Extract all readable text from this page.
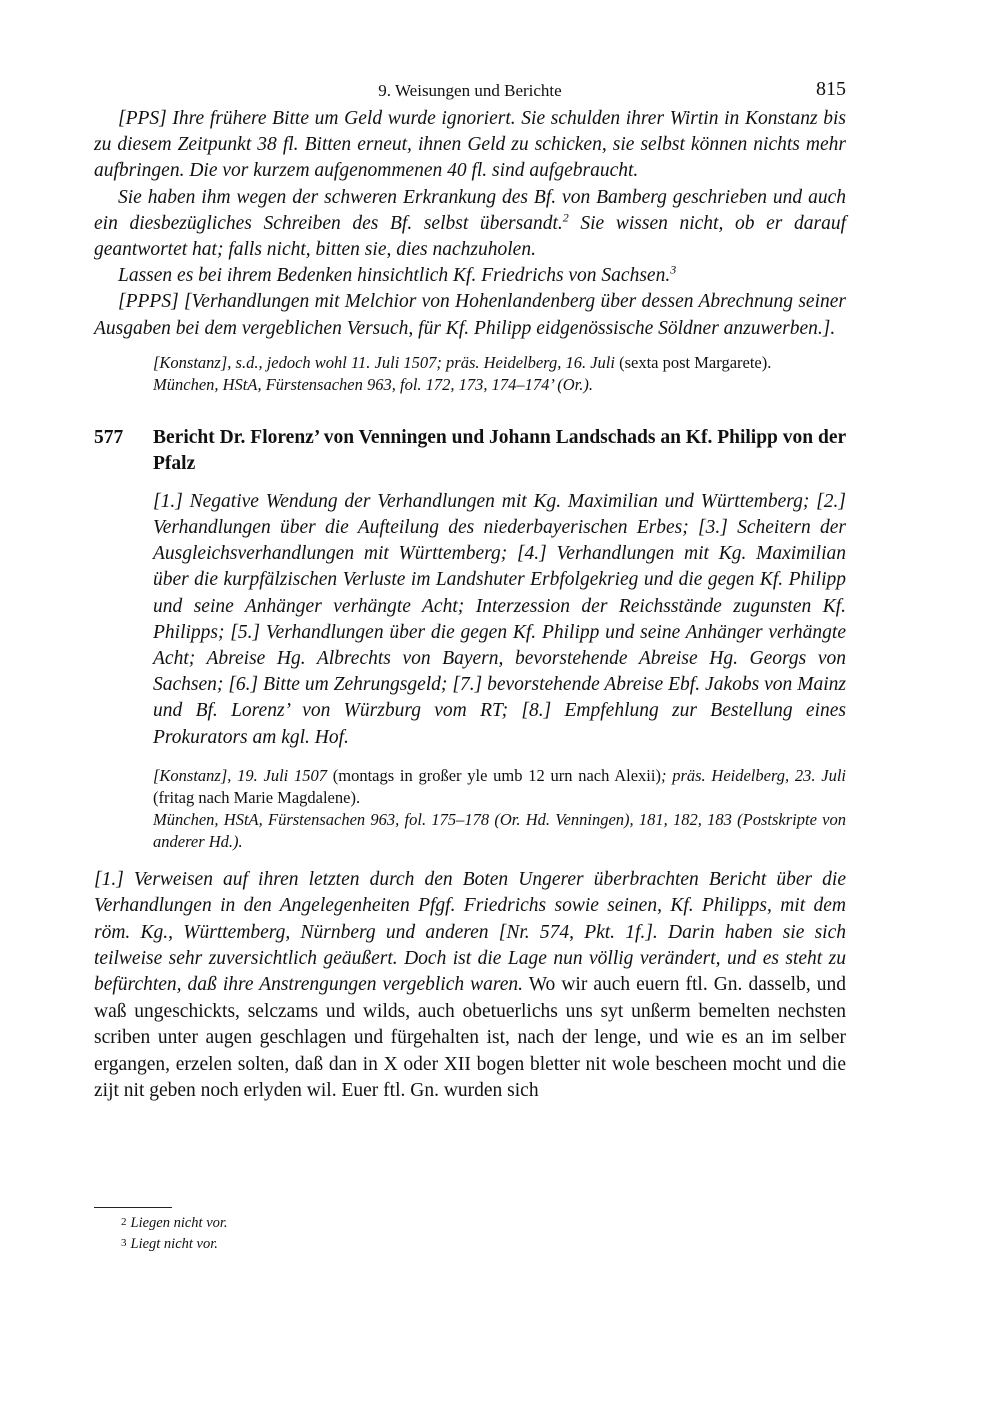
9. Weisungen und Berichte	815

[PPS] Ihre frühere Bitte um Geld wurde ignoriert. Sie schulden ihrer Wirtin in Konstanz bis zu diesem Zeitpunkt 38 fl. Bitten erneut, ihnen Geld zu schicken, sie selbst können nichts mehr aufbringen. Die vor kurzem aufgenommenen 40 fl. sind aufgebraucht.

Sie haben ihm wegen der schweren Erkrankung des Bf. von Bamberg geschrieben und auch ein diesbezügliches Schreiben des Bf. selbst übersandt.$^2$ Sie wissen nicht, ob er darauf geantwortet hat; falls nicht, bitten sie, dies nachzuholen.

Lassen es bei ihrem Bedenken hinsichtlich Kf. Friedrichs von Sachsen.$^3$

[PPPS] [Verhandlungen mit Melchior von Hohenlandenberg über dessen Abrechnung seiner Ausgaben bei dem vergeblichen Versuch, für Kf. Philipp eidgenössische Söldner anzuwerben.].

[Konstanz], s.d., jedoch wohl 11. Juli 1507; präs. Heidelberg, 16. Juli (sexta post Margarete).

München, HStA, Fürstensachen 963, fol. 172, 173, 174–174’ (Or.).

577 Bericht Dr. Florenz’ von Venningen und Johann Landschads an Kf. Philipp von der Pfalz

[1.] Negative Wendung der Verhandlungen mit Kg. Maximilian und Württemberg; [2.] Verhandlungen über die Aufteilung des niederbayerischen Erbes; [3.] Scheitern der Ausgleichsverhandlungen mit Württemberg; [4.] Verhandlungen mit Kg. Maximilian über die kurpfälzischen Verluste im Landshuter Erbfolgekrieg und die gegen Kf. Philipp und seine Anhänger verhängte Acht; Interzession der Reichsstände zugunsten Kf. Philipps; [5.] Verhandlungen über die gegen Kf. Philipp und seine Anhänger verhängte Acht; Abreise Hg. Albrechts von Bayern, bevorstehende Abreise Hg. Georgs von Sachsen; [6.] Bitte um Zehrungsgeld; [7.] bevorstehende Abreise Ebf. Jakobs von Mainz und Bf. Lorenz’ von Würzburg vom RT; [8.] Empfehlung zur Bestellung eines Prokurators am kgl. Hof.

[Konstanz], 19. Juli 1507 (montags in großer yle umb 12 urn nach Alexii); präs. Heidelberg, 23. Juli (fritag nach Marie Magdalene).

München, HStA, Fürstensachen 963, fol. 175–178 (Or. Hd. Venningen), 181, 182, 183 (Postskripte von anderer Hd.).

[1.] Verweisen auf ihren letzten durch den Boten Ungerer überbrachten Bericht über die Verhandlungen in den Angelegenheiten Pfgf. Friedrichs sowie seinen, Kf. Philipps, mit dem röm. Kg., Württemberg, Nürnberg und anderen [Nr. 574, Pkt. 1f.]. Darin haben sie sich teilweise sehr zuversichtlich geäußert. Doch ist die Lage nun völlig verändert, und es steht zu befürchten, daß ihre Anstrengungen vergeblich waren. Wo wir auch euern ftl. Gn. dasselb, und waß ungeschickts, selczams und wilds, auch obetuerlichs uns syt unßerm bemelten nechsten scriben unter augen geschlagen und fürgehalten ist, nach der lenge, und wie es an im selber ergangen, erzelen solten, daß dan in X oder XII bogen bletter nit wole bescheen mocht und die zijt nit geben noch erlyden wil. Euer ftl. Gn. wurden sich

2 Liegen nicht vor.
3 Liegt nicht vor.
